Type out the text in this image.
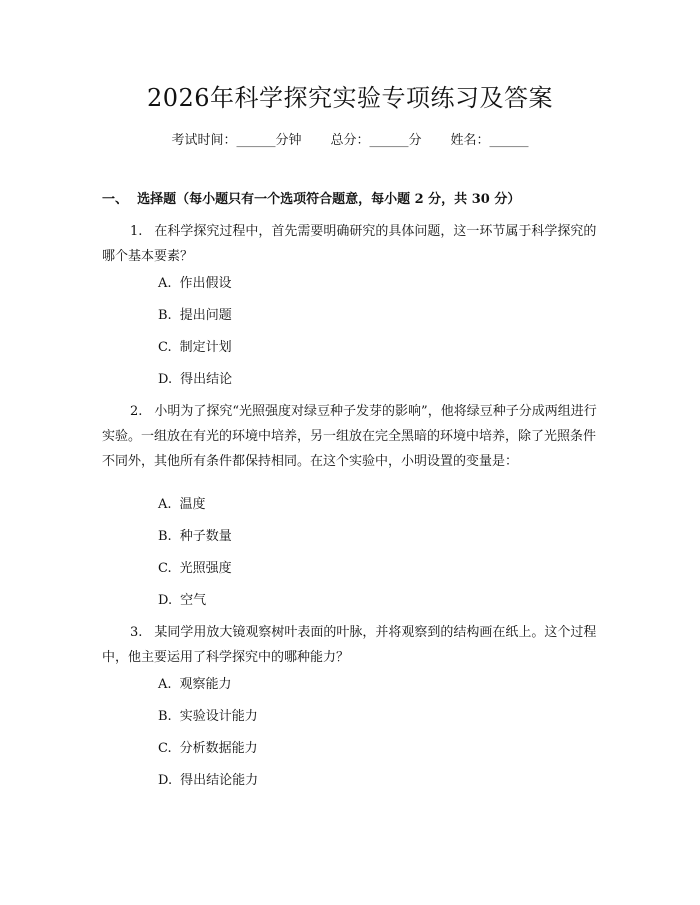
2026年科学探究实验专项练习及答案
考试时间：______分钟 总分：______分 姓名：______
一、 选择题（每小题只有一个选项符合题意，每小题 2 分，共 30 分）
1. 在科学探究过程中，首先需要明确研究的具体问题，这一环节属于科学探究的哪个基本要素？
A. 作出假设
B. 提出问题
C. 制定计划
D. 得出结论
2. 小明为了探究“光照强度对绿豆种子发芽的影响”，他将绿豆种子分成两组进行实验。一组放在有光的环境中培养，另一组放在完全黑暗的环境中培养，除了光照条件不同外，其他所有条件都保持相同。在这个实验中，小明设置的变量是：
A. 温度
B. 种子数量
C. 光照强度
D. 空气
3. 某同学用放大镜观察树叶表面的叶脉，并将观察到的结构画在纸上。这个过程中，他主要运用了科学探究中的哪种能力？
A. 观察能力
B. 实验设计能力
C. 分析数据能力
D. 得出结论能力
